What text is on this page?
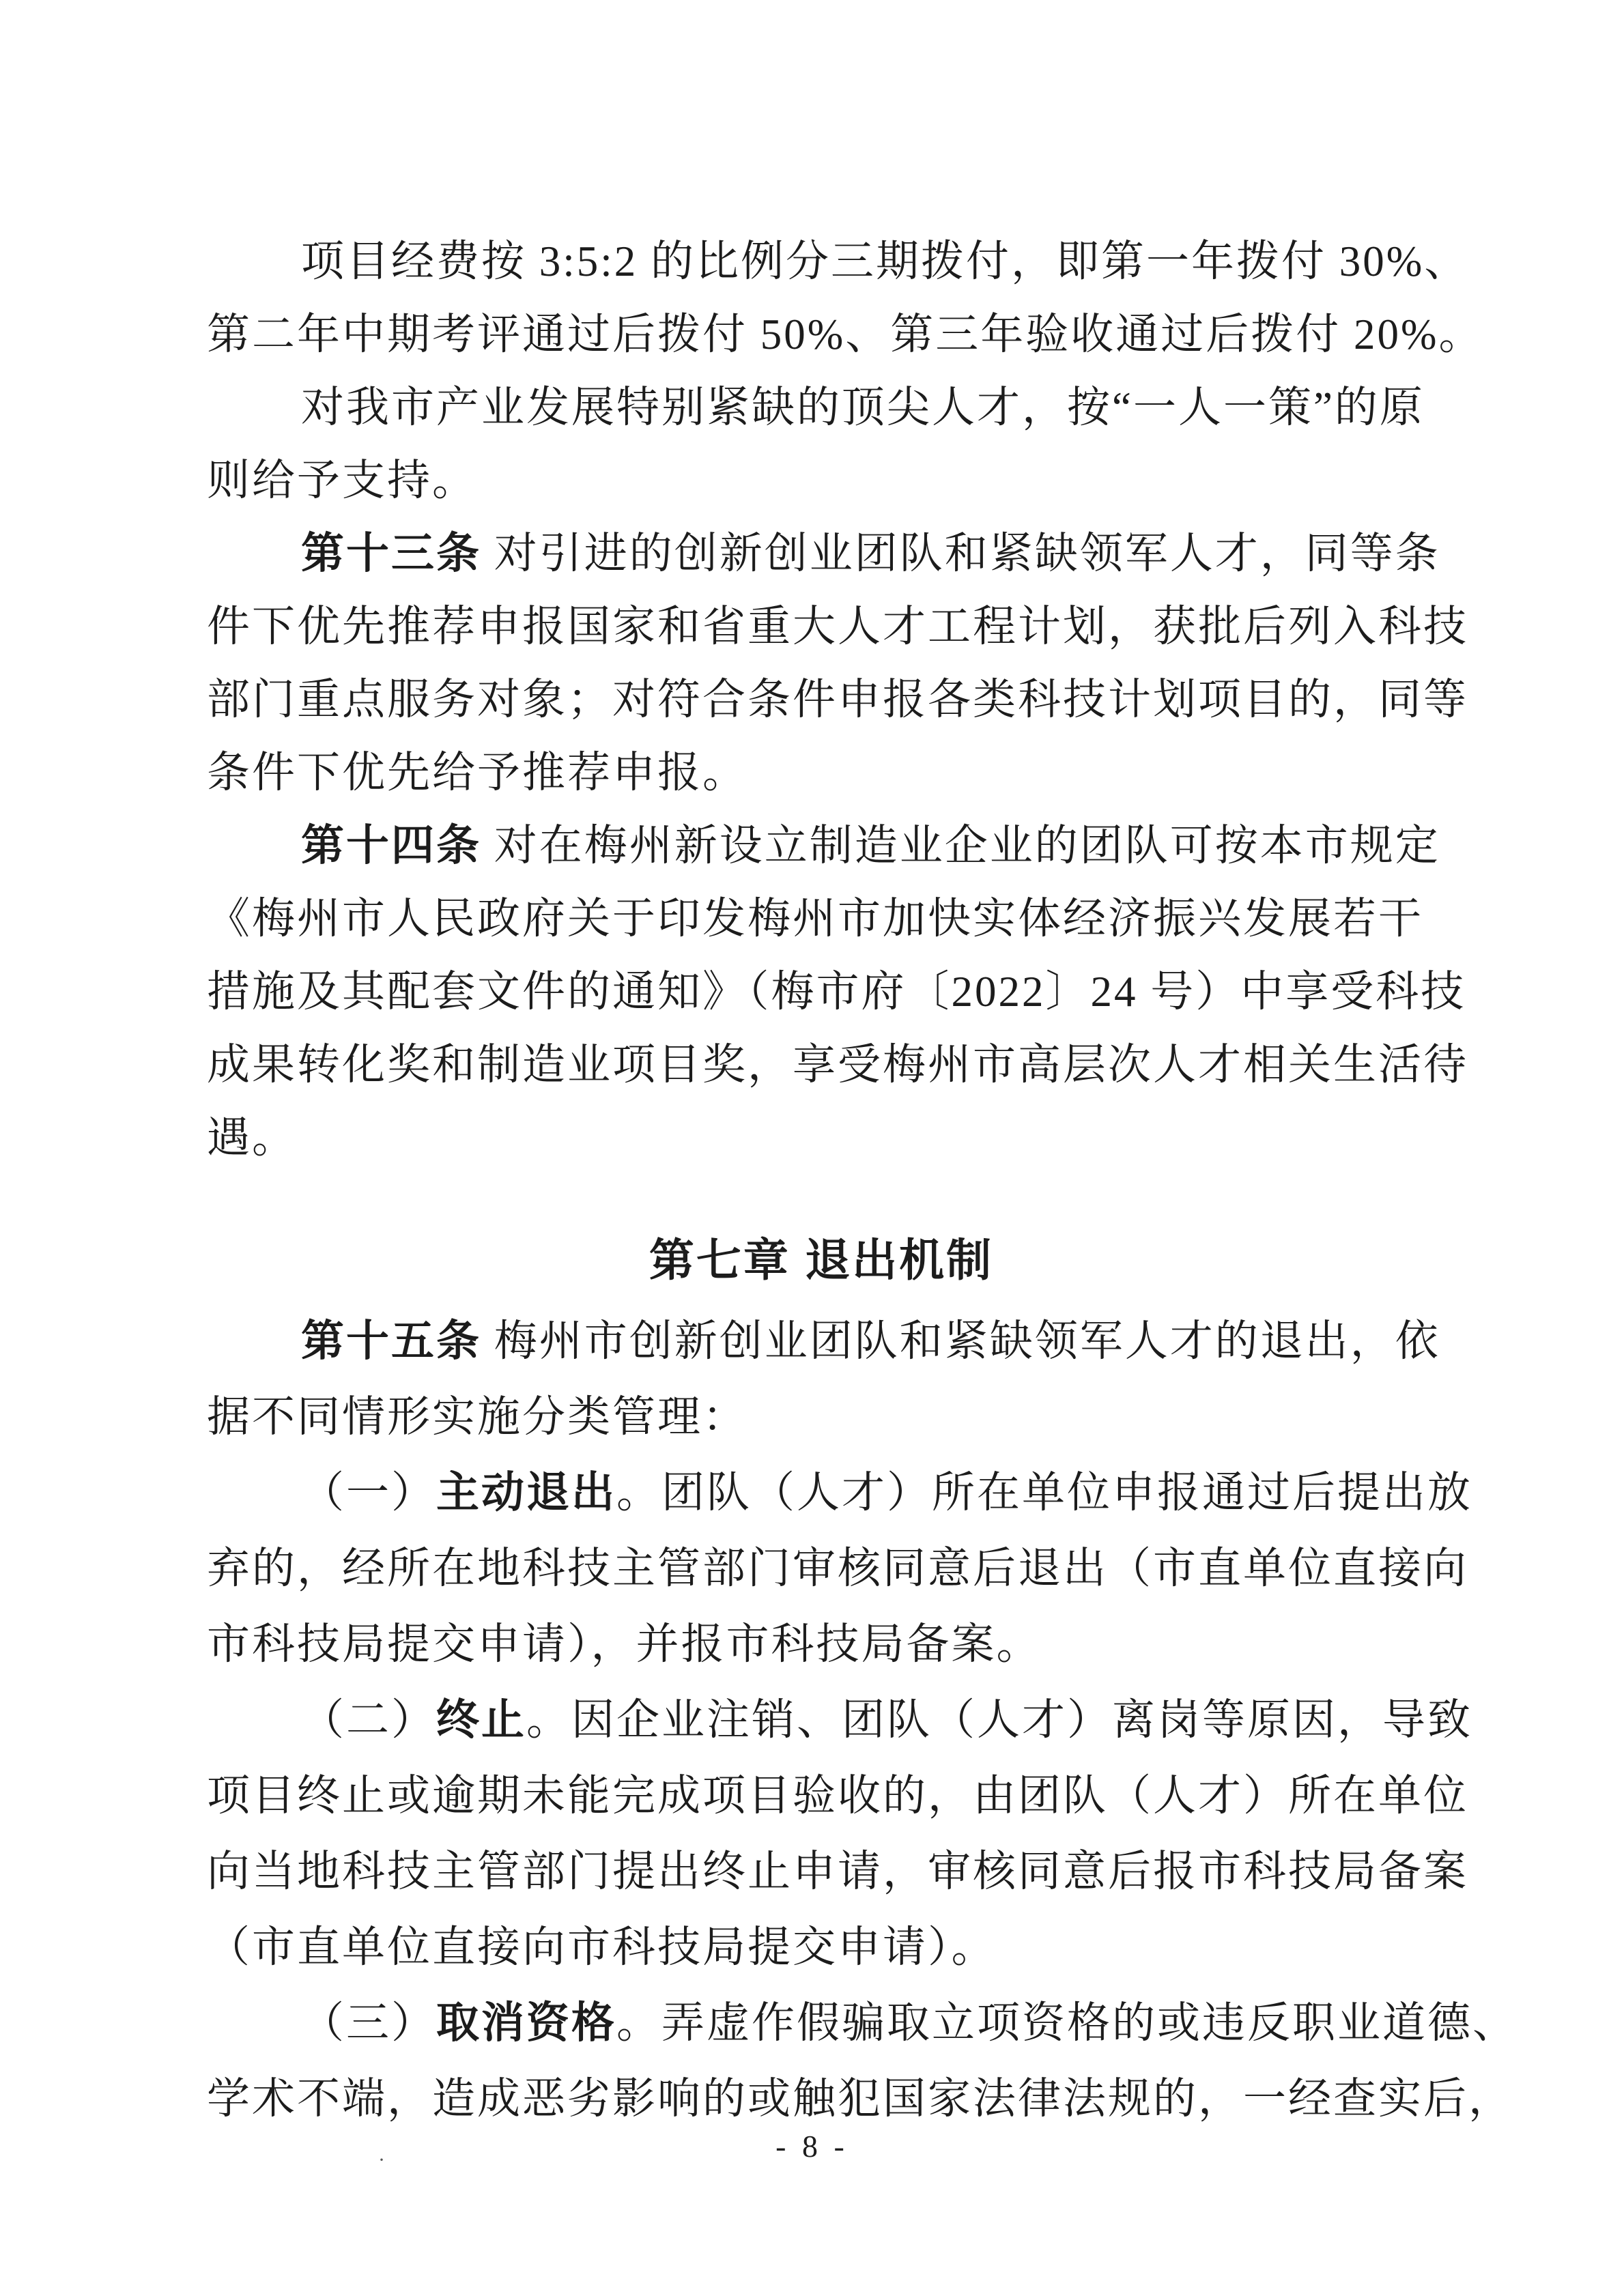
项目经费按 3:5:2 的比例分三期拨付，即第一年拨付 30%、
第二年中期考评通过后拨付 50%、第三年验收通过后拨付 20%。
对我市产业发展特别紧缺的顶尖人才，按“一人一策”的原
则给予支持。
第十三条 对引进的创新创业团队和紧缺领军人才，同等条
件下优先推荐申报国家和省重大人才工程计划，获批后列入科技
部门重点服务对象；对符合条件申报各类科技计划项目的，同等
条件下优先给予推荐申报。
第十四条 对在梅州新设立制造业企业的团队可按本市规定
《梅州市人民政府关于印发梅州市加快实体经济振兴发展若干
措施及其配套文件的通知》（梅市府〔2022〕24 号）中享受科技
成果转化奖和制造业项目奖，享受梅州市高层次人才相关生活待
遇。
第七章 退出机制
第十五条 梅州市创新创业团队和紧缺领军人才的退出，依
据不同情形实施分类管理：
（一）主动退出。团队（人才）所在单位申报通过后提出放
弃的，经所在地科技主管部门审核同意后退出（市直单位直接向
市科技局提交申请），并报市科技局备案。
（二）终止。因企业注销、团队（人才）离岗等原因，导致
项目终止或逾期未能完成项目验收的，由团队（人才）所在单位
向当地科技主管部门提出终止申请，审核同意后报市科技局备案
（市直单位直接向市科技局提交申请）。
（三）取消资格。弄虚作假骗取立项资格的或违反职业道德、
学术不端，造成恶劣影响的或触犯国家法律法规的，一经查实后，
·	- 8 -
